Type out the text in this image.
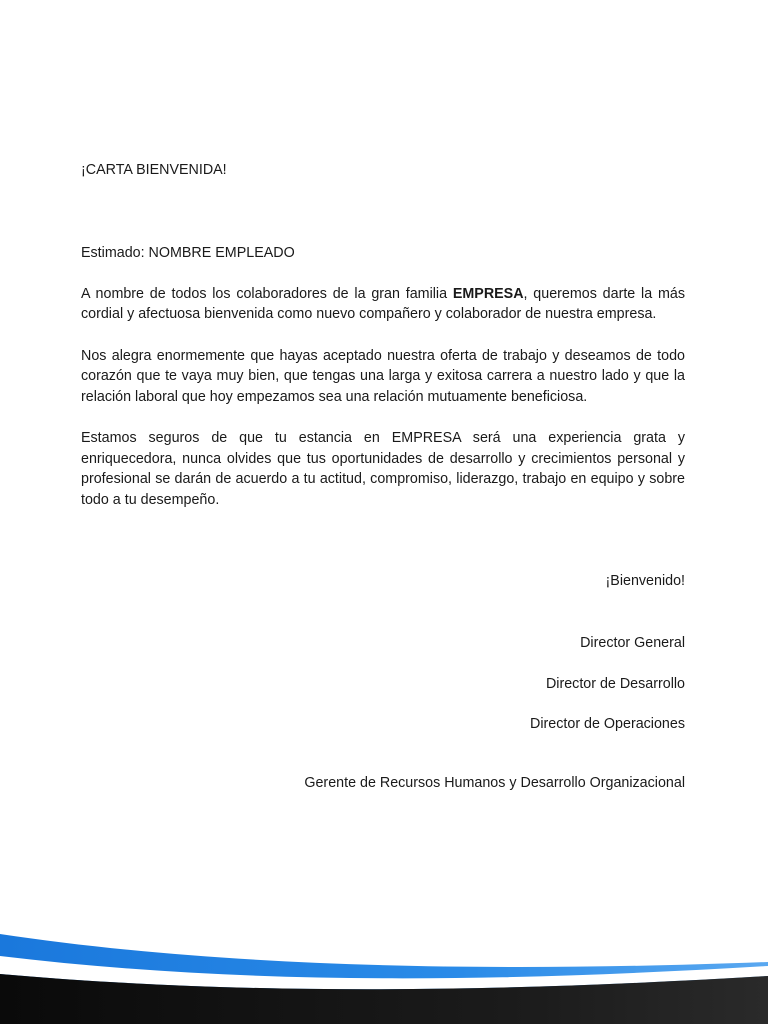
¡CARTA BIENVENIDA!

Estimado: NOMBRE EMPLEADO

A nombre de todos los colaboradores de la gran familia EMPRESA, queremos darte la más cordial y afectuosa bienvenida como nuevo compañero y colaborador de nuestra empresa.

Nos alegra enormemente que hayas aceptado nuestra oferta de trabajo y deseamos de todo corazón que te vaya muy bien, que tengas una larga y exitosa carrera a nuestro lado y que la relación laboral que hoy empezamos sea una relación mutuamente beneficiosa.

Estamos seguros de que tu estancia en EMPRESA será una experiencia grata y enriquecedora, nunca olvides que tus oportunidades de desarrollo y crecimientos personal y profesional se darán de acuerdo a tu actitud, compromiso, liderazgo, trabajo en equipo y sobre todo a tu desempeño.

¡Bienvenido!

Director General

Director de Desarrollo

Director de Operaciones

Gerente de Recursos Humanos y Desarrollo Organizacional
